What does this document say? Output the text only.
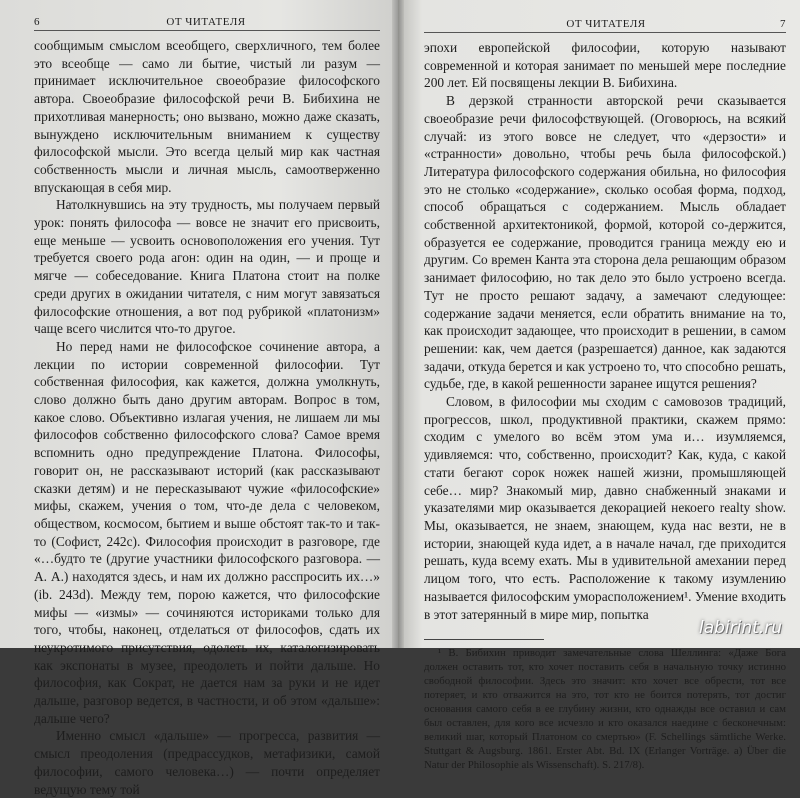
6	ОТ ЧИТАТЕЛЯ

сообщимым смыслом всеобщего, сверхличного, тем более это всеобще — само ли бытие, чистый ли разум — принимает исключительное своеобразие философского автора. Своеобразие философской речи В. Бибихина не прихотливая манерность; оно вызвано, можно даже сказать, вынуждено исключительным вниманием к существу философской мысли. Это всегда целый мир как частная собственность мысли и личная мысль, самоотверженно впускающая в себя мир.

Натолкнувшись на эту трудность, мы получаем первый урок: понять философа — вовсе не значит его присвоить, еще меньше — усвоить основоположения его учения. Тут требуется своего рода агон: один на один, — и проще и мягче — собеседование. Книга Платона стоит на полке среди других в ожидании читателя, с ним могут завязаться философские отношения, а вот под рубрикой «платонизм» чаще всего числится что-то другое.

Но перед нами не философское сочинение автора, а лекции по истории современной философии. Тут собственная философия, как кажется, должна умолкнуть, слово должно быть дано другим авторам. Вопрос в том, какое слово. Объективно излагая учения, не лишаем ли мы философов собственно философского слова? Самое время вспомнить одно предупреждение Платона. Философы, говорит он, не рассказывают историй (как рассказывают сказки детям) и не пересказывают чужие «философские» мифы, скажем, учения о том, что-де дела с человеком, обществом, космосом, бытием и выше обстоят так-то и так-то (Софист, 242c). Философия происходит в разговоре, где «…будто те (другие участники философского разговора. — А. А.) находятся здесь, и нам их должно расспросить их…» (ib. 243d). Между тем, порою кажется, что философские мифы — «измы» — сочиняются историками только для того, чтобы, наконец, отделаться от философов, сдать их неукротимого присутствия, одолеть их, каталогизировать как экспонаты в музее, преодолеть и пойти дальше. Но философия, как Сократ, не дается нам за руки и не идет дальше, разговор ведется, в частности, и об этом «дальше»: дальше чего?

Именно смысл «дальше» — прогресса, развития — смысл преодоления (предрассудков, метафизики, самой философии, самого человека…) — почти определяет ведущую тему той

ОТ ЧИТАТЕЛЯ	7

эпохи европейской философии, которую называют современной и которая занимает по меньшей мере последние 200 лет. Ей посвящены лекции В. Бибихина.

В дерзкой странности авторской речи сказывается своеобразие речи философствующей. (Оговорюсь, на всякий случай: из этого вовсе не следует, что «дерзости» и «странности» довольно, чтобы речь была философской.) Литература философского содержания обильна, но философия это не столько «содержание», сколько особая форма, подход, способ обращаться с содержанием. Мысль обладает собственной архитектоникой, формой, которой со-держится, образуется ее содержание, проводится граница между ею и другим. Со времен Канта эта сторона дела решающим образом занимает философию, но так дело это было устроено всегда. Тут не просто решают задачу, а замечают следующее: содержание задачи меняется, если обратить внимание на то, как происходит задающее, что происходит в решении, в самом решении: как, чем дается (разрешается) данное, как задаются задачи, откуда берется и как устроено то, что способно решать, судьбе, где, в какой решенности заранее ищутся решения?

Словом, в философии мы сходим с самовозов традиций, прогрессов, школ, продуктивной практики, скажем прямо: сходим с умелого во всём этом ума и… изумляемся, удивляемся: что, собственно, происходит? Как, куда, с какой стати бегают сорок ножек нашей жизни, промышляющей себе… мир? Знакомый мир, давно снабженный знаками и указателями мир оказывается декорацией некоего realty show. Мы, оказывается, не знаем, знающем, куда нас везти, не в истории, знающей куда идет, а в начале начал, где приходится решать, куда всему ехать. Мы в удивительной амехании перед лицом того, что есть. Расположение к такому изумлению называется философским уморасположением¹. Умение входить в этот затерянный в мире мир, попытка

¹ В. Бибихин приводит замечательные слова Шеллинга: «Даже Бога должен оставить тот, кто хочет поставить себя в начальную точку истинно свободной философии. Здесь это значит: кто хочет все обрести, тот все потеряет, и кто отважится на это, тот кто не боится потерять, тот достиг основания самого себя в ее глубину жизни, кто однажды все оставил и сам был оставлен, для кого все исчезло и кто оказался наедине с бесконечным: великий шаг, который Платоном со смертью» (F. Schellings sämtliche Werke. Stuttgart & Augsburg. 1861. Erster Abt. Bd. IX (Erlanger Vorträge. a) Über die Natur der Philosophie als Wissenschaft). S. 217/8).

labirint.ru
